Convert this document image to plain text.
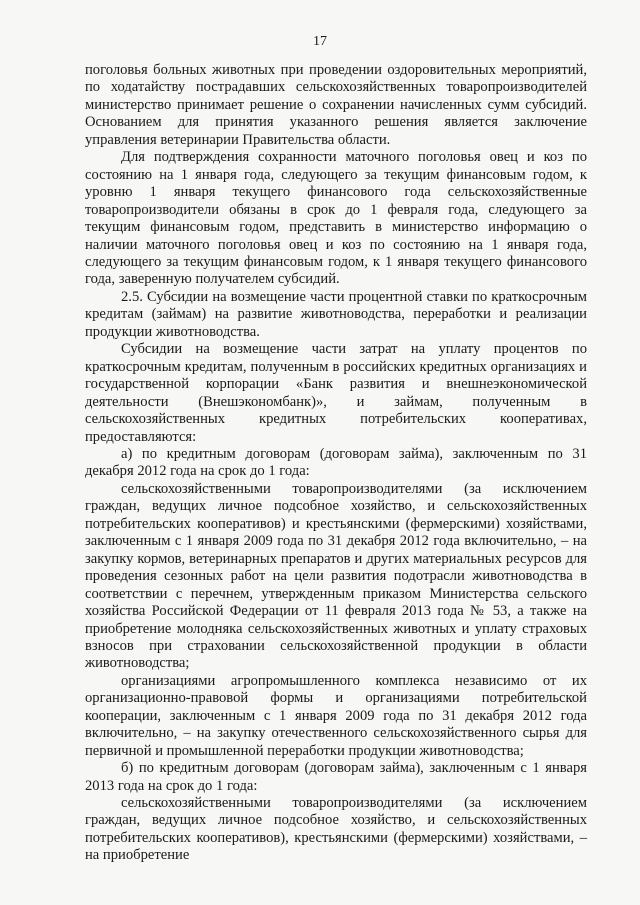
17

поголовья больных животных при проведении оздоровительных мероприятий, по ходатайству пострадавших сельскохозяйственных товаропроизводителей министерство принимает решение о сохранении начисленных сумм субсидий. Основанием для принятия указанного решения является заключение управления ветеринарии Правительства области.

Для подтверждения сохранности маточного поголовья овец и коз по состоянию на 1 января года, следующего за текущим финансовым годом, к уровню 1 января текущего финансового года сельскохозяйственные товаропроизводители обязаны в срок до 1 февраля года, следующего за текущим финансовым годом, представить в министерство информацию о наличии маточного поголовья овец и коз по состоянию на 1 января года, следующего за текущим финансовым годом, к 1 января текущего финансового года, заверенную получателем субсидий.

2.5. Субсидии на возмещение части процентной ставки по краткосрочным кредитам (займам) на развитие животноводства, переработки и реализации продукции животноводства.

Субсидии на возмещение части затрат на уплату процентов по краткосрочным кредитам, полученным в российских кредитных организациях и государственной корпорации «Банк развития и внешнеэкономической деятельности (Внешэкономбанк)», и займам, полученным в сельскохозяйственных кредитных потребительских кооперативах, предоставляются:

а) по кредитным договорам (договорам займа), заключенным по 31 декабря 2012 года на срок до 1 года:

сельскохозяйственными товаропроизводителями (за исключением граждан, ведущих личное подсобное хозяйство, и сельскохозяйственных потребительских кооперативов) и крестьянскими (фермерскими) хозяйствами, заключенным с 1 января 2009 года по 31 декабря 2012 года включительно, – на закупку кормов, ветеринарных препаратов и других материальных ресурсов для проведения сезонных работ на цели развития подотрасли животноводства в соответствии с перечнем, утвержденным приказом Министерства сельского хозяйства Российской Федерации от 11 февраля 2013 года № 53, а также на приобретение молодняка сельскохозяйственных животных и уплату страховых взносов при страховании сельскохозяйственной продукции в области животноводства;

организациями агропромышленного комплекса независимо от их организационно-правовой формы и организациями потребительской кооперации, заключенным с 1 января 2009 года по 31 декабря 2012 года включительно, – на закупку отечественного сельскохозяйственного сырья для первичной и промышленной переработки продукции животноводства;

б) по кредитным договорам (договорам займа), заключенным с 1 января 2013 года на срок до 1 года:

сельскохозяйственными товаропроизводителями (за исключением граждан, ведущих личное подсобное хозяйство, и сельскохозяйственных потребительских кооперативов), крестьянскими (фермерскими) хозяйствами, – на приобретение
